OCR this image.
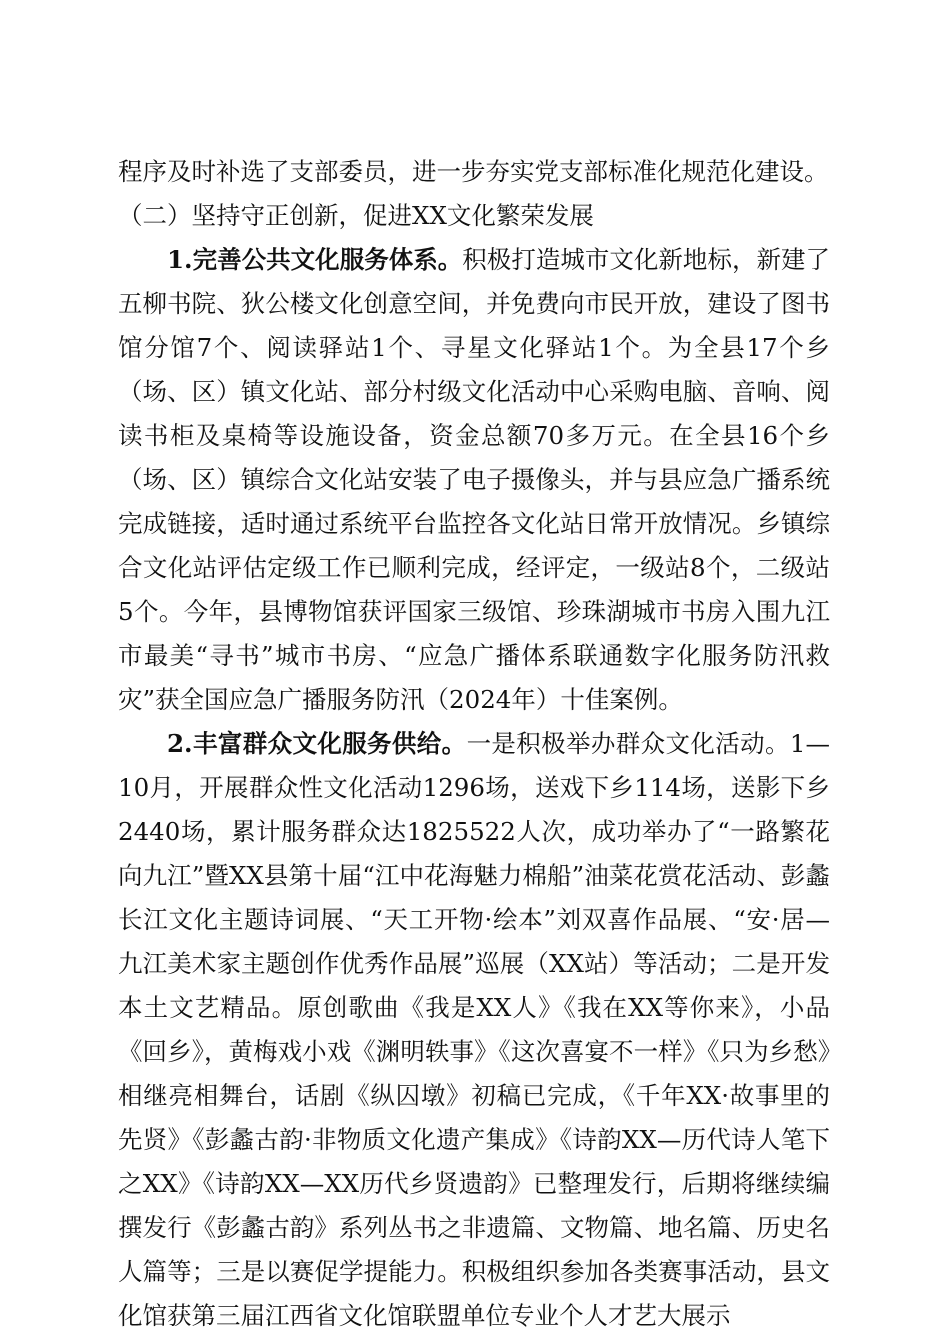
程序及时补选了支部委员，进一步夯实党支部标准化规范化建设。

（二）坚持守正创新，促进XX文化繁荣发展

1.完善公共文化服务体系。积极打造城市文化新地标，新建了五柳书院、狄公楼文化创意空间，并免费向市民开放，建设了图书馆分馆7个、阅读驿站1个、寻星文化驿站1个。为全县17个乡（场、区）镇文化站、部分村级文化活动中心采购电脑、音响、阅读书柜及桌椅等设施设备，资金总额70多万元。在全县16个乡（场、区）镇综合文化站安装了电子摄像头，并与县应急广播系统完成链接，适时通过系统平台监控各文化站日常开放情况。乡镇综合文化站评估定级工作已顺利完成，经评定，一级站8个，二级站5个。今年，县博物馆获评国家三级馆、珍珠湖城市书房入围九江市最美“寻书”城市书房、“应急广播体系联通数字化服务防汛救灾”获全国应急广播服务防汛（2024年）十佳案例。

2.丰富群众文化服务供给。一是积极举办群众文化活动。1—10月，开展群众性文化活动1296场，送戏下乡114场，送影下乡2440场，累计服务群众达1825522人次，成功举办了“一路繁花向九江”暨XX县第十届“江中花海魅力棉船”油菜花赏花活动、彭蠡长江文化主题诗词展、“天工开物·绘本”刘双喜作品展、“安·居—九江美术家主题创作优秀作品展”巡展（XX站）等活动；二是开发本土文艺精品。原创歌曲《我是XX人》《我在XX等你来》，小品《回乡》，黄梅戏小戏《渊明轶事》《这次喜宴不一样》《只为乡愁》相继亮相舞台，话剧《纵囚墩》初稿已完成，《千年XX·故事里的先贤》《彭蠡古韵·非物质文化遗产集成》《诗韵XX—历代诗人笔下之XX》《诗韵XX—XX历代乡贤遗韵》已整理发行，后期将继续编撰发行《彭蠡古韵》系列丛书之非遗篇、文物篇、地名篇、历史名人篇等；三是以赛促学提能力。积极组织参加各类赛事活动，县文化馆获第三届江西省文化馆联盟单位专业个人才艺大展示
